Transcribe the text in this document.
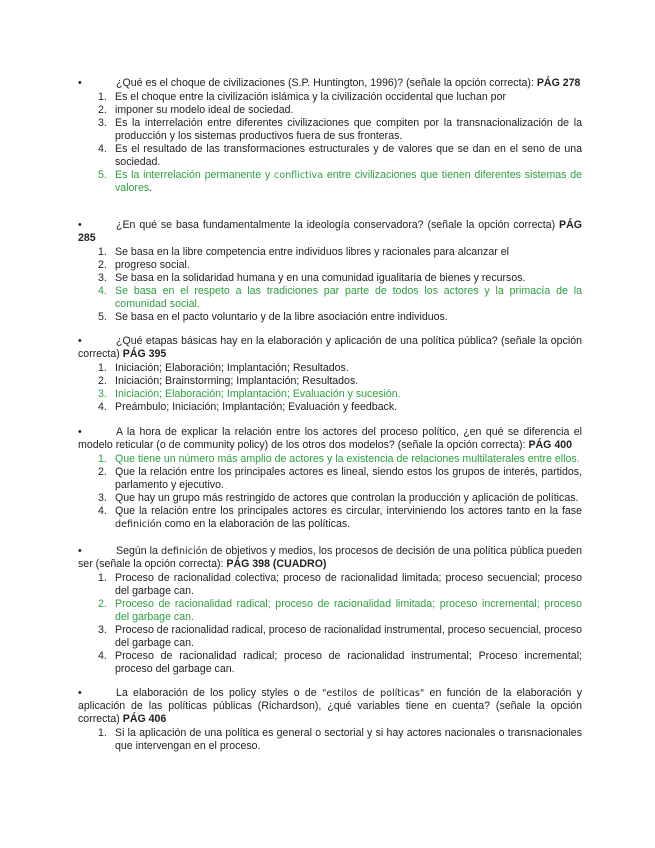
•	¿Qué es el choque de civilizaciones (S.P. Huntington, 1996)? (señale la opción correcta): PÁG 278
1. Es el choque entre la civilización islámica y la civilización occidental que luchan por
2. imponer su modelo ideal de sociedad.
3. Es la interrelación entre diferentes civilizaciones que compiten por la transnacionalización de la producción y los sistemas productivos fuera de sus fronteras.
4. Es el resultado de las transformaciones estructurales y de valores que se dan en el seno de una sociedad.
5. Es la interrelación permanente y conflictiva entre civilizaciones que tienen diferentes sistemas de valores.
•	¿En qué se basa fundamentalmente la ideología conservadora? (señale la opción correcta) PÁG 285
1. Se basa en la libre competencia entre individuos libres y racionales para alcanzar el
2. progreso social.
3. Se basa en la solidaridad humana y en una comunidad igualitaria de bienes y recursos.
4. Se basa en el respeto a las tradiciones par parte de todos los actores y la primacía de la comunidad social.
5. Se basa en el pacto voluntario y de la libre asociación entre individuos.
•	¿Qué etapas básicas hay en la elaboración y aplicación de una política pública? (señale la opción correcta) PÁG 395
1. Iniciación; Elaboración; Implantación; Resultados.
2. Iniciación; Brainstorming; Implantación; Resultados.
3. Iniciación; Elaboración; Implantación; Evaluación y sucesión.
4. Preámbulo; Iniciación; Implantación; Evaluación y feedback.
•	A la hora de explicar la relación entre los actores del proceso político, ¿en qué se diferencia el modelo reticular (o de community policy) de los otros dos modelos? (señale la opción correcta): PÁG 400
1. Que tiene un número más amplio de actores y la existencia de relaciones multilaterales entre ellos.
2. Que la relación entre los principales actores es lineal, siendo estos los grupos de interés, partidos, parlamento y ejecutivo.
3. Que hay un grupo más restringido de actores que controlan la producción y aplicación de políticas.
4. Que la relación entre los principales actores es circular, interviniendo los actores tanto en la fase definición como en la elaboración de las políticas.
•	Según la definición de objetivos y medios, los procesos de decisión de una política pública pueden ser (señale la opción correcta): PÁG 398 (CUADRO)
1. Proceso de racionalidad colectiva; proceso de racionalidad limitada; proceso secuencial; proceso del garbage can.
2. Proceso de racionalidad radical; proceso de racionalidad limitada; proceso incremental; proceso del garbage can.
3. Proceso de racionalidad radical, proceso de racionalidad instrumental, proceso secuencial, proceso del garbage can.
4. Proceso de racionalidad radical; proceso de racionalidad instrumental; Proceso incremental; proceso del garbage can.
•	La elaboración de los policy styles o de "estilos de políticas" en función de la elaboración y aplicación de las políticas públicas (Richardson), ¿qué variables tiene en cuenta? (señale la opción correcta) PÁG 406
1. Si la aplicación de una política es general o sectorial y si hay actores nacionales o transnacionales que intervengan en el proceso.
